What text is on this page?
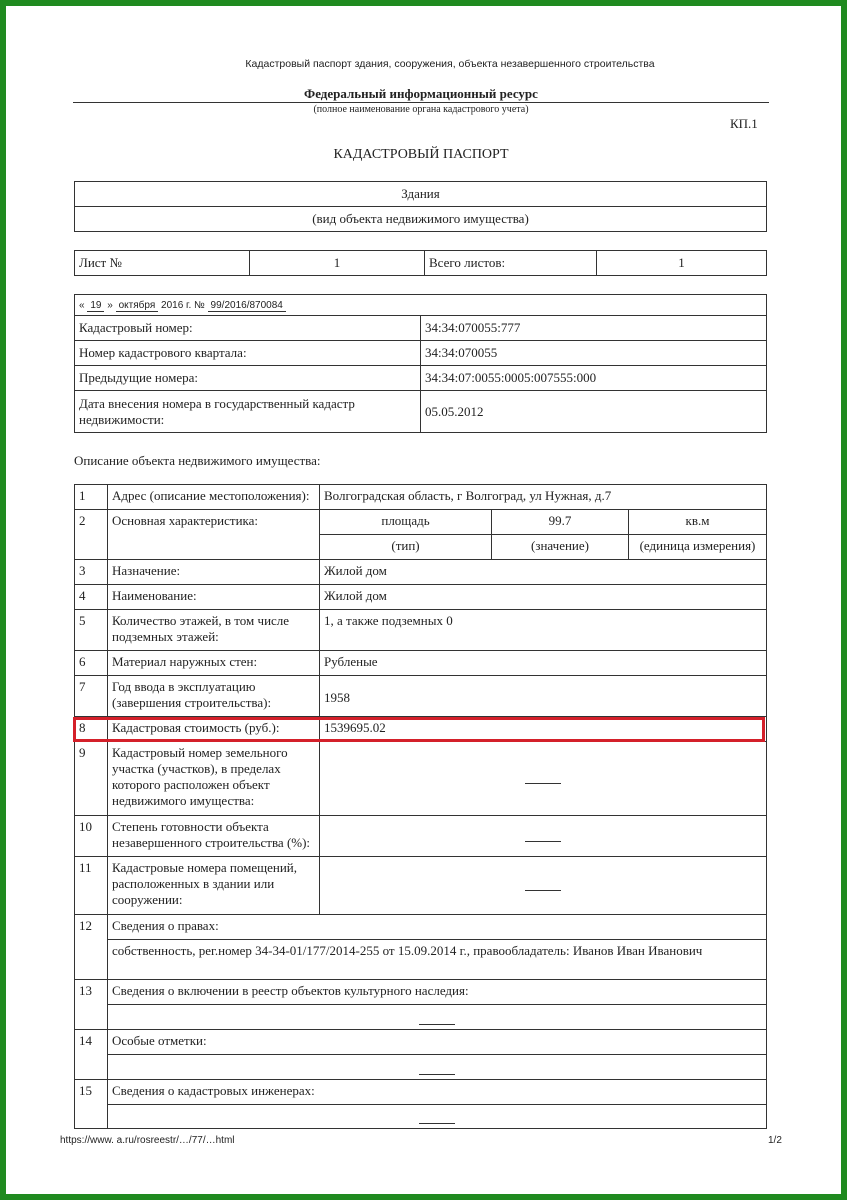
Кадастровый паспорт здания, сооружения, объекта незавершенного строительства
Федеральный информационный ресурс
(полное наименование органа кадастрового учета)
КП.1
КАДАСТРОВЫЙ ПАСПОРТ
Здания
(вид объекта недвижимого имущества)
Лист №	1	Всего листов:	1
« 19 » октября 2016 г. № 99/2016/870084	
Кадастровый номер:	34:34:070055:777
Номер кадастрового квартала:	34:34:070055
Предыдущие номера:	34:34:07:0055:0005:007555:000
Дата внесения номера в государственный кадастр недвижимости:	05.05.2012
Описание объекта недвижимого имущества:
1	Адрес (описание местоположения):	Волгоградская область, г Волгоград, ул Нужная, д.7		
2	Основная характеристика:	площадь	99.7	кв.м
		(тип)	(значение)	(единица измерения)
3	Назначение:	Жилой дом		
4	Наименование:	Жилой дом		
5	Количество этажей, в том числе подземных этажей:	1, а также подземных 0		
6	Материал наружных стен:	Рубленые		
7	Год ввода в эксплуатацию (завершения строительства):	1958		
8	Кадастровая стоимость (руб.):	1539695.02		
9	Кадастровый номер земельного участка (участков), в пределах которого расположен объект недвижимого имущества:			
10	Степень готовности объекта незавершенного строительства (%):			
11	Кадастровые номера помещений, расположенных в здании или сооружении:			
12	Сведения о правах:			
	собственность, рег.номер 34-34-01/177/2014-255 от 15.09.2014 г., правообладатель: Иванов Иван Иванович			
13	Сведения о включении в реестр объектов культурного наследия:			

14	Особые отметки:			

15	Сведения о кадастровых инженерах:			

https://www. a.ru/rosreestr/…/77/…html	1/2
